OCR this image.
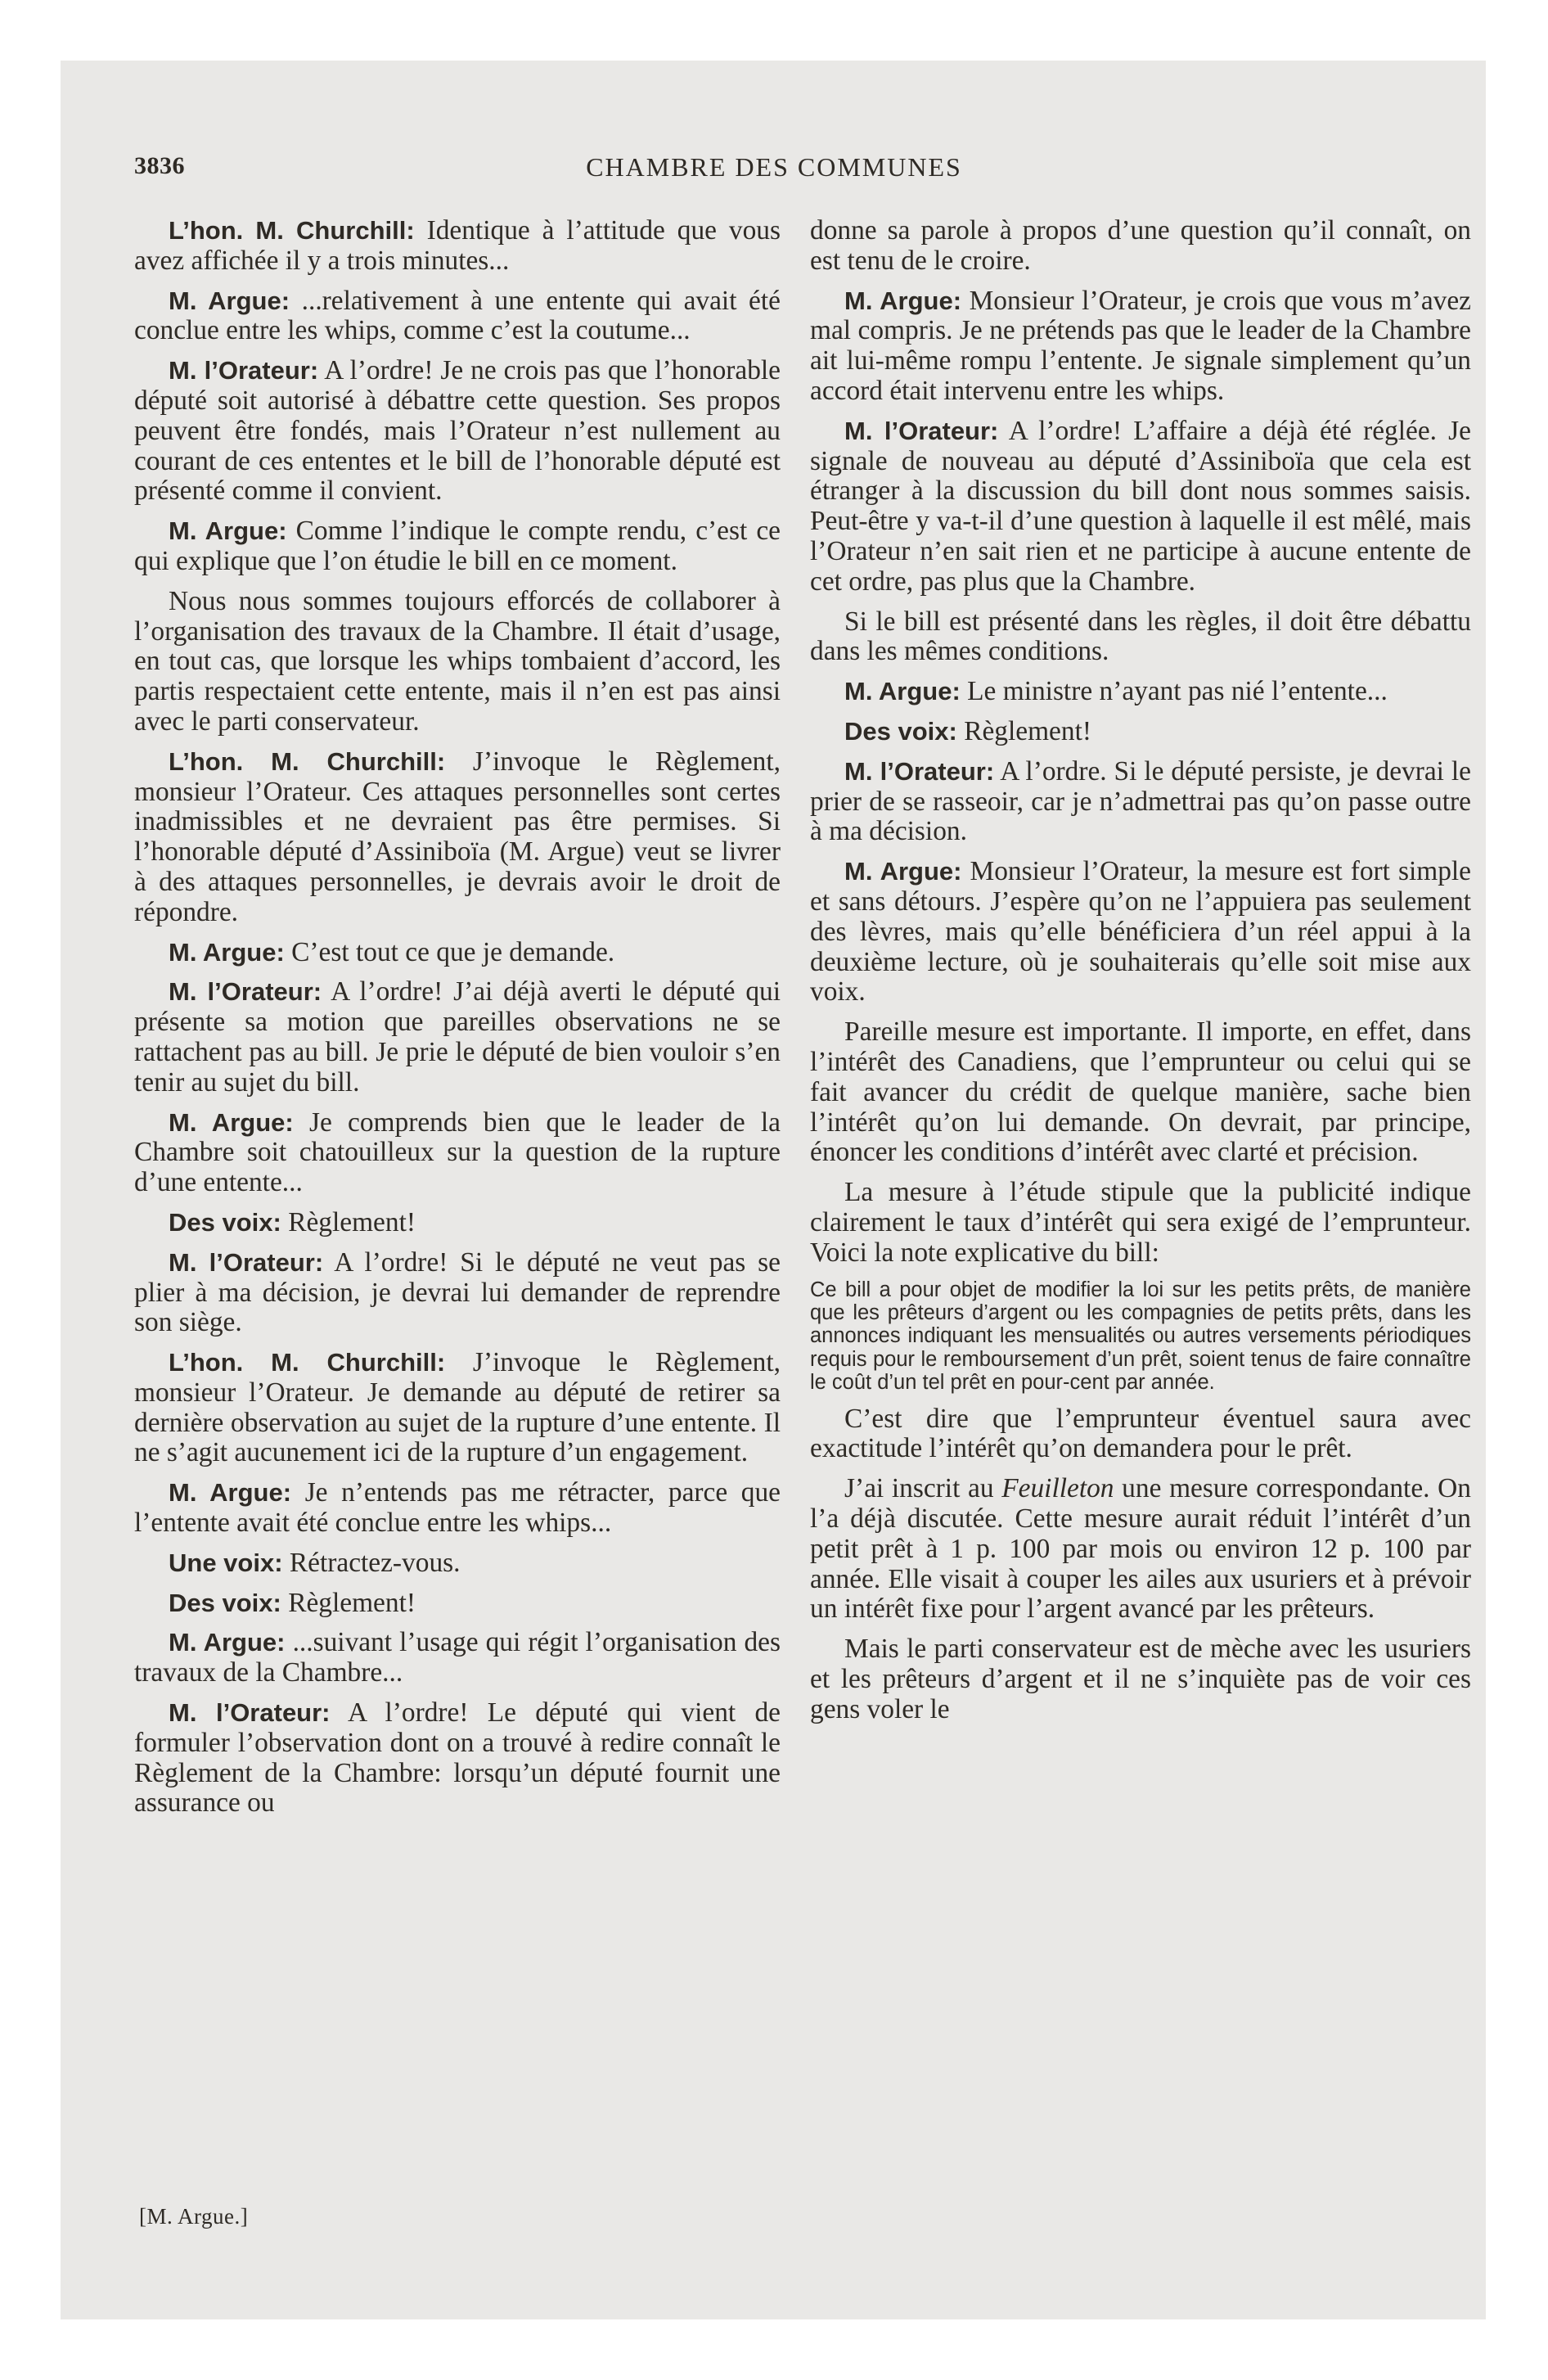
3836	CHAMBRE DES COMMUNES

L’hon. M. Churchill: Identique à l’attitude que vous avez affichée il y a trois minutes...

M. Argue: ...relativement à une entente qui avait été conclue entre les whips, comme c’est la coutume...

M. l’Orateur: A l’ordre! Je ne crois pas que l’honorable député soit autorisé à débattre cette question. Ses propos peuvent être fondés, mais l’Orateur n’est nullement au courant de ces ententes et le bill de l’honorable député est présenté comme il convient.

M. Argue: Comme l’indique le compte rendu, c’est ce qui explique que l’on étudie le bill en ce moment.

Nous nous sommes toujours efforcés de collaborer à l’organisation des travaux de la Chambre. Il était d’usage, en tout cas, que lorsque les whips tombaient d’accord, les partis respectaient cette entente, mais il n’en est pas ainsi avec le parti conservateur.

L’hon. M. Churchill: J’invoque le Règlement, monsieur l’Orateur. Ces attaques personnelles sont certes inadmissibles et ne devraient pas être permises. Si l’honorable député d’Assiniboïa (M. Argue) veut se livrer à des attaques personnelles, je devrais avoir le droit de répondre.

M. Argue: C’est tout ce que je demande.

M. l’Orateur: A l’ordre! J’ai déjà averti le député qui présente sa motion que pareilles observations ne se rattachent pas au bill. Je prie le député de bien vouloir s’en tenir au sujet du bill.

M. Argue: Je comprends bien que le leader de la Chambre soit chatouilleux sur la question de la rupture d’une entente...

Des voix: Règlement!

M. l’Orateur: A l’ordre! Si le député ne veut pas se plier à ma décision, je devrai lui demander de reprendre son siège.

L’hon. M. Churchill: J’invoque le Règlement, monsieur l’Orateur. Je demande au député de retirer sa dernière observation au sujet de la rupture d’une entente. Il ne s’agit aucunement ici de la rupture d’un engagement.

M. Argue: Je n’entends pas me rétracter, parce que l’entente avait été conclue entre les whips...

Une voix: Rétractez-vous.

Des voix: Règlement!

M. Argue: ...suivant l’usage qui régit l’organisation des travaux de la Chambre...

M. l’Orateur: A l’ordre! Le député qui vient de formuler l’observation dont on a trouvé à redire connaît le Règlement de la Chambre: lorsqu’un député fournit une assurance ou

donne sa parole à propos d’une question qu’il connaît, on est tenu de le croire.

M. Argue: Monsieur l’Orateur, je crois que vous m’avez mal compris. Je ne prétends pas que le leader de la Chambre ait lui-même rompu l’entente. Je signale simplement qu’un accord était intervenu entre les whips.

M. l’Orateur: A l’ordre! L’affaire a déjà été réglée. Je signale de nouveau au député d’Assiniboïa que cela est étranger à la discussion du bill dont nous sommes saisis. Peut-être y va-t-il d’une question à laquelle il est mêlé, mais l’Orateur n’en sait rien et ne participe à aucune entente de cet ordre, pas plus que la Chambre.

Si le bill est présenté dans les règles, il doit être débattu dans les mêmes conditions.

M. Argue: Le ministre n’ayant pas nié l’entente...

Des voix: Règlement!

M. l’Orateur: A l’ordre. Si le député persiste, je devrai le prier de se rasseoir, car je n’admettrai pas qu’on passe outre à ma décision.

M. Argue: Monsieur l’Orateur, la mesure est fort simple et sans détours. J’espère qu’on ne l’appuiera pas seulement des lèvres, mais qu’elle bénéficiera d’un réel appui à la deuxième lecture, où je souhaiterais qu’elle soit mise aux voix.

Pareille mesure est importante. Il importe, en effet, dans l’intérêt des Canadiens, que l’emprunteur ou celui qui se fait avancer du crédit de quelque manière, sache bien l’intérêt qu’on lui demande. On devrait, par principe, énoncer les conditions d’intérêt avec clarté et précision.

La mesure à l’étude stipule que la publicité indique clairement le taux d’intérêt qui sera exigé de l’emprunteur. Voici la note explicative du bill:

Ce bill a pour objet de modifier la loi sur les petits prêts, de manière que les prêteurs d’argent ou les compagnies de petits prêts, dans les annonces indiquant les mensualités ou autres versements périodiques requis pour le remboursement d’un prêt, soient tenus de faire connaître le coût d’un tel prêt en pour-cent par année.

C’est dire que l’emprunteur éventuel saura avec exactitude l’intérêt qu’on demandera pour le prêt.

J’ai inscrit au Feuilleton une mesure correspondante. On l’a déjà discutée. Cette mesure aurait réduit l’intérêt d’un petit prêt à 1 p. 100 par mois ou environ 12 p. 100 par année. Elle visait à couper les ailes aux usuriers et à prévoir un intérêt fixe pour l’argent avancé par les prêteurs.

Mais le parti conservateur est de mèche avec les usuriers et les prêteurs d’argent et il ne s’inquiète pas de voir ces gens voler le

[M. Argue.]
